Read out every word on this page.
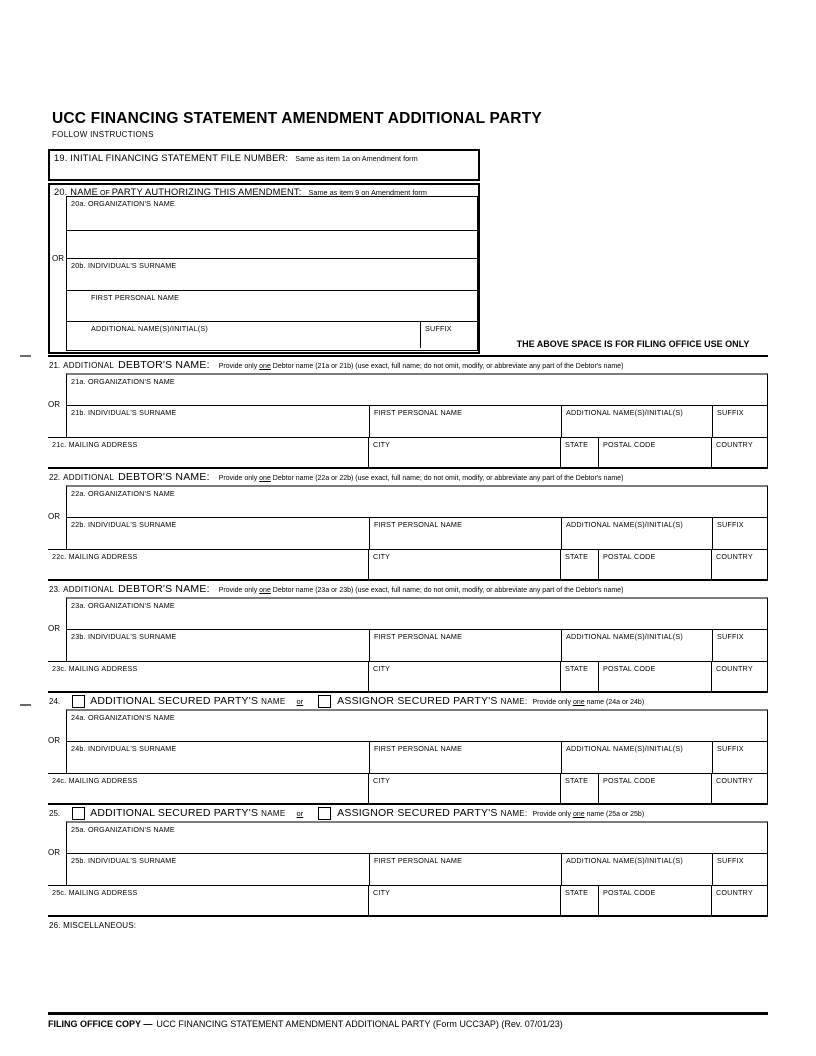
UCC FINANCING STATEMENT AMENDMENT ADDITIONAL PARTY
FOLLOW INSTRUCTIONS
19. INITIAL FINANCING STATEMENT FILE NUMBER: Same as item 1a on Amendment form
20. NAME OF PARTY AUTHORIZING THIS AMENDMENT: Same as item 9 on Amendment form
OR
20a. ORGANIZATION'S NAME
20b. INDIVIDUAL'S SURNAME
FIRST PERSONAL NAME
ADDITIONAL NAME(S)/INITIAL(S)	SUFFIX
THE ABOVE SPACE IS FOR FILING OFFICE USE ONLY
21. ADDITIONAL DEBTOR'S NAME: Provide only one Debtor name (21a or 21b) (use exact, full name; do not omit, modify, or abbreviate any part of the Debtor's name)
OR
21a. ORGANIZATION'S NAME
21b. INDIVIDUAL'S SURNAME	FIRST PERSONAL NAME	ADDITIONAL NAME(S)/INITIAL(S)	SUFFIX
21c. MAILING ADDRESS	CITY	STATE	POSTAL CODE	COUNTRY
22. ADDITIONAL DEBTOR'S NAME: Provide only one Debtor name (22a or 22b) (use exact, full name; do not omit, modify, or abbreviate any part of the Debtor's name)
OR
22a. ORGANIZATION'S NAME
22b. INDIVIDUAL'S SURNAME	FIRST PERSONAL NAME	ADDITIONAL NAME(S)/INITIAL(S)	SUFFIX
22c. MAILING ADDRESS	CITY	STATE	POSTAL CODE	COUNTRY
23. ADDITIONAL DEBTOR'S NAME: Provide only one Debtor name (23a or 23b) (use exact, full name; do not omit, modify, or abbreviate any part of the Debtor's name)
OR
23a. ORGANIZATION'S NAME
23b. INDIVIDUAL'S SURNAME	FIRST PERSONAL NAME	ADDITIONAL NAME(S)/INITIAL(S)	SUFFIX
23c. MAILING ADDRESS	CITY	STATE	POSTAL CODE	COUNTRY
24.	ADDITIONAL SECURED PARTY'S NAME or	ASSIGNOR SECURED PARTY'S NAME: Provide only one name (24a or 24b)
OR
24a. ORGANIZATION'S NAME
24b. INDIVIDUAL'S SURNAME	FIRST PERSONAL NAME	ADDITIONAL NAME(S)/INITIAL(S)	SUFFIX
24c. MAILING ADDRESS	CITY	STATE	POSTAL CODE	COUNTRY
25.	ADDITIONAL SECURED PARTY'S NAME or	ASSIGNOR SECURED PARTY'S NAME: Provide only one name (25a or 25b)
OR
25a. ORGANIZATION'S NAME
25b. INDIVIDUAL'S SURNAME	FIRST PERSONAL NAME	ADDITIONAL NAME(S)/INITIAL(S)	SUFFIX
25c. MAILING ADDRESS	CITY	STATE	POSTAL CODE	COUNTRY
26. MISCELLANEOUS:
FILING OFFICE COPY — UCC FINANCING STATEMENT AMENDMENT ADDITIONAL PARTY (Form UCC3AP) (Rev. 07/01/23)
